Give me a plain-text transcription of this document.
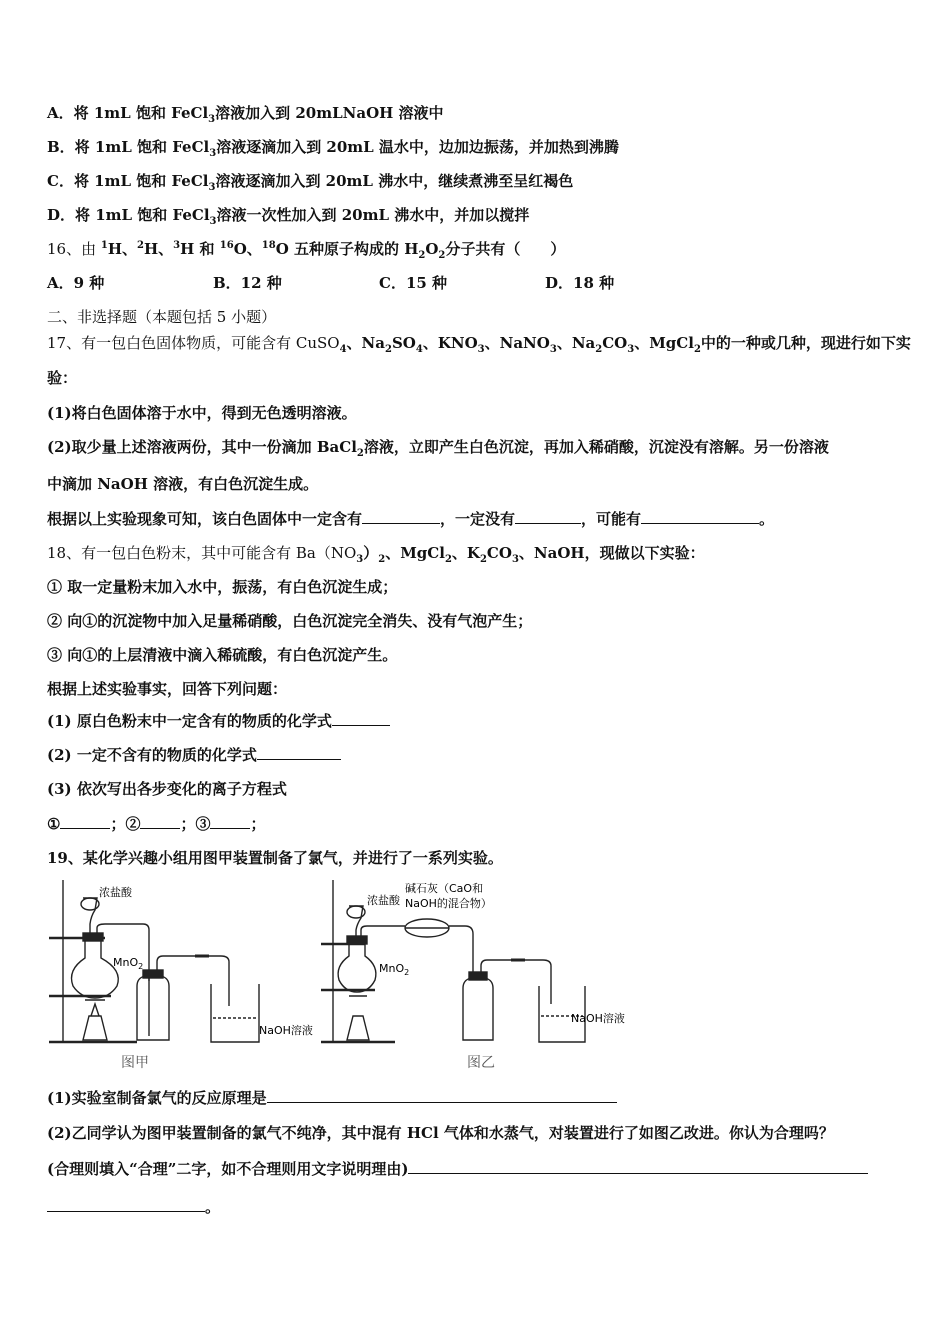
A．将 1mL 饱和 FeCl$_3$溶液加入到 20mLNaOH 溶液中
B．将 1mL 饱和 FeCl$_3$溶液逐滴加入到 20mL 温水中，边加边振荡，并加热到沸腾
C．将 1mL 饱和 FeCl$_3$溶液逐滴加入到 20mL 沸水中，继续煮沸至呈红褐色
D．将 1mL 饱和 FeCl$_3$溶液一次性加入到 20mL 沸水中，并加以搅拌
16、由 $^1$H、$^2$H、$^3$H 和 $^{16}$O、$^{18}$O 五种原子构成的 $H_2O_2$分子共有（　　）
A．9 种	B．12 种	C．15 种	D．18 种
二、非选择题（本题包括 5 小题）
17、有一包白色固体物质，可能含有 CuSO$_4$、$Na_2SO_4$、$KNO_3$、NaNO$_3$、$Na_2CO_3$、MgCl$_2$中的一种或几种，现进行如下实
验：
(1)将白色固体溶于水中，得到无色透明溶液。
(2)取少量上述溶液两份，其中一份滴加 BaCl$_2$溶液，立即产生白色沉淀，再加入稀硝酸，沉淀没有溶解。另一份溶液
中滴加 NaOH 溶液，有白色沉淀生成。
根据以上实验现象可知，该白色固体中一定含有	，一定没有	，可能有	。
18、有一包白色粉末，其中可能含有 $Ba(NO_3)_2$、MgCl$_2$、$K_2CO_3$、NaOH，现做以下实验：
① 取一定量粉末加入水中，振荡，有白色沉淀生成；
② 向①的沉淀物中加入足量稀硝酸，白色沉淀完全消失、没有气泡产生；
③ 向①的上层清液中滴入稀硫酸，有白色沉淀产生。
根据上述实验事实，回答下列问题：
(1) 原白色粉末中一定含有的物质的化学式
(2) 一定不含有的物质的化学式
(3) 依次写出各步变化的离子方程式
①	；②	；③	；
19、某化学兴趣小组用图甲装置制备了氯气，并进行了一系列实验。
浓盐酸
MnO$_2$
NaOH溶液
图甲
浓盐酸
碱石灰（CaO和
NaOH的混合物）
MnO$_2$
NaOH溶液
图乙
(1)实验室制备氯气的反应原理是
(2)乙同学认为图甲装置制备的氯气不纯净，其中混有 HCl 气体和水蒸气，对装置进行了如图乙改进。你认为合理吗？
(合理则填入“合理”二字，如不合理则用文字说明理由)
。
